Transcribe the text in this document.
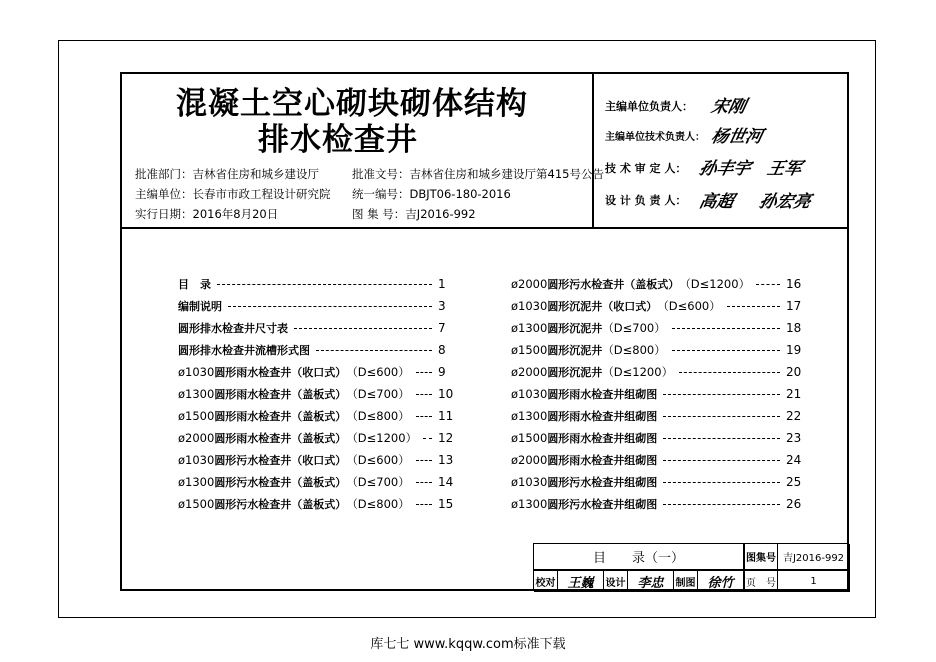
混凝土空心砌块砌体结构
排水检查井
批准部门：吉林省住房和城乡建设厅
主编单位：长春市市政工程设计研究院
实行日期：2016年8月20日
批准文号：吉林省住房和城乡建设厅第415号公告
统一编号：DBJT06-180-2016
图 集 号：吉J2016-992
主编单位负责人： 宋刚
主编单位技术负责人： 杨世河
技 术 审 定 人： 孙丰宇 王军
设 计 负 责 人： 高超 孙宏亮
目　录	1
编制说明	3
圆形排水检查井尺寸表	7
圆形排水检查井流槽形式图	8
ø1030 圆形雨水检查井（收口式） （D≤600） 9
ø1300 圆形雨水检查井（盖板式） （D≤700） 10
ø1500 圆形雨水检查井（盖板式） （D≤800） 11
ø2000 圆形雨水检查井（盖板式） （D≤1200） 12
ø1030 圆形污水检查井（收口式） （D≤600） 13
ø1300 圆形污水检查井（盖板式） （D≤700） 14
ø1500 圆形污水检查井（盖板式） （D≤800） 15
ø2000 圆形污水检查井（盖板式） （D≤1200）	16
ø1030 圆形沉泥井（收口式） （D≤600）	17
ø1300 圆形沉泥井 （D≤700）	18
ø1500 圆形沉泥井 （D≤800）	19
ø2000 圆形沉泥井 （D≤1200）	20
ø1030 圆形雨水检查井组砌图	21
ø1300 圆形雨水检查井组砌图	22
ø1500 圆形雨水检查井组砌图	23
ø2000 圆形雨水检查井组砌图	24
ø1030 圆形污水检查井组砌图	25
ø1300 圆形污水检查井组砌图	26
目　　录（一）	图集号 吉J2016-992
校对 王巍	设计 李忠	制图 徐竹	页　号	1
库七七 www.kqqw.com标准下载
